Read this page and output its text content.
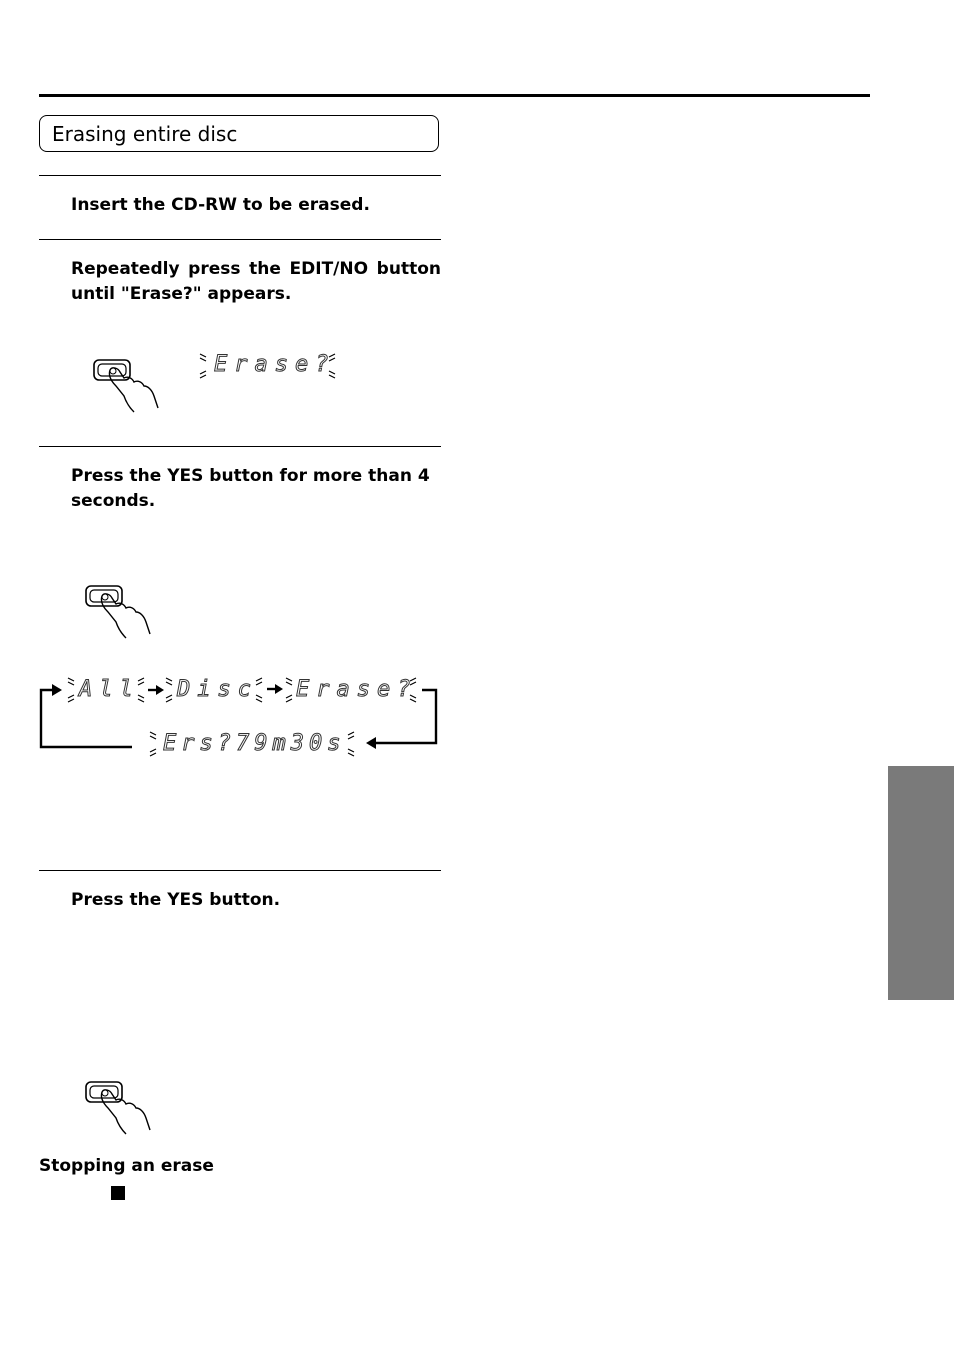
Erasing entire disc
Insert the CD-RW to be erased.
Repeatedly press the EDIT/NO button until "Erase?" appears.
Erase?
Press the YES button for more than 4 seconds.
All Disc Erase?
Ers?79m30s
Press the YES button.
Stopping an erase
